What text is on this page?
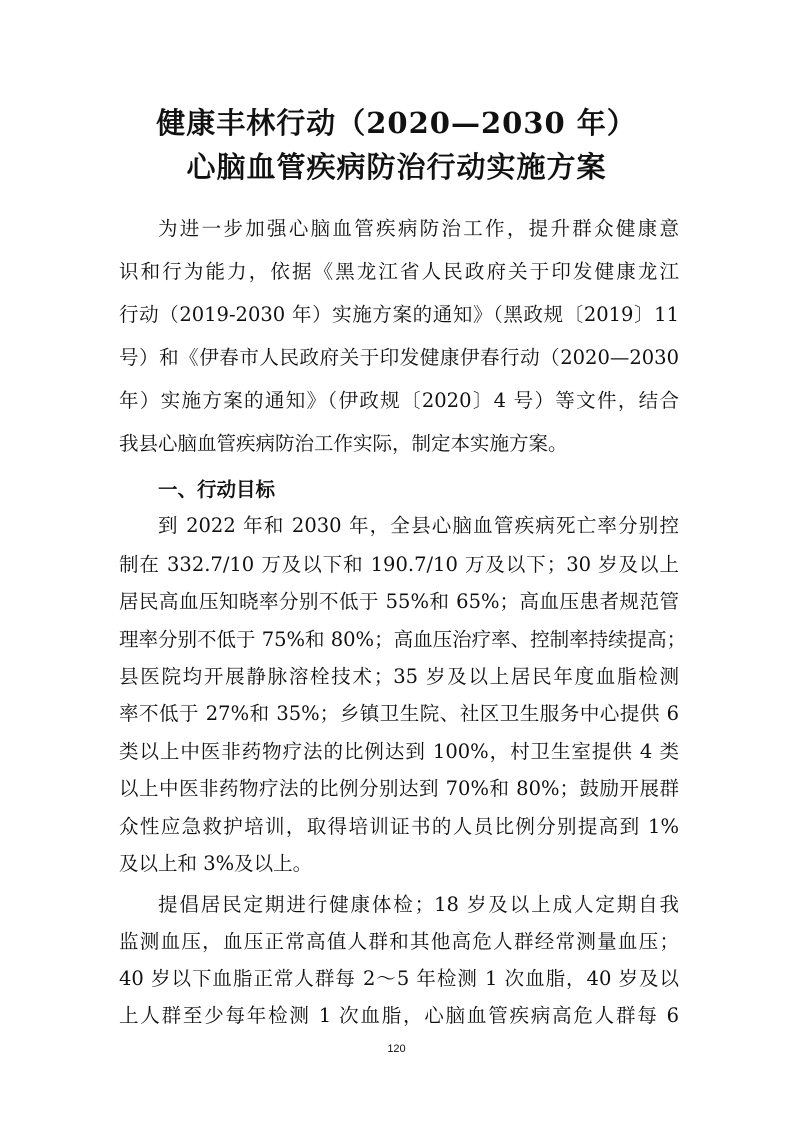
健康丰林行动（2020—2030 年）
心脑血管疾病防治行动实施方案
为进一步加强心脑血管疾病防治工作，提升群众健康意
识和行为能力，依据《黑龙江省人民政府关于印发健康龙江
行动（2019-2030 年）实施方案的通知》（黑政规〔2019〕11
号）和《伊春市人民政府关于印发健康伊春行动（2020—2030
年）实施方案的通知》（伊政规〔2020〕4 号）等文件，结合
我县心脑血管疾病防治工作实际，制定本实施方案。
一、行动目标
到 2022 年和 2030 年，全县心脑血管疾病死亡率分别控
制在 332.7/10 万及以下和 190.7/10 万及以下；30 岁及以上
居民高血压知晓率分别不低于 55%和 65%；高血压患者规范管
理率分别不低于 75%和 80%；高血压治疗率、控制率持续提高；
县医院均开展静脉溶栓技术；35 岁及以上居民年度血脂检测
率不低于 27%和 35%；乡镇卫生院、社区卫生服务中心提供 6
类以上中医非药物疗法的比例达到 100%，村卫生室提供 4 类
以上中医非药物疗法的比例分别达到 70%和 80%；鼓励开展群
众性应急救护培训，取得培训证书的人员比例分别提高到 1%
及以上和 3%及以上。
提倡居民定期进行健康体检；18 岁及以上成人定期自我
监测血压，血压正常高值人群和其他高危人群经常测量血压；
40 岁以下血脂正常人群每 2～5 年检测 1 次血脂，40 岁及以
上人群至少每年检测 1 次血脂，心脑血管疾病高危人群每 6
120
